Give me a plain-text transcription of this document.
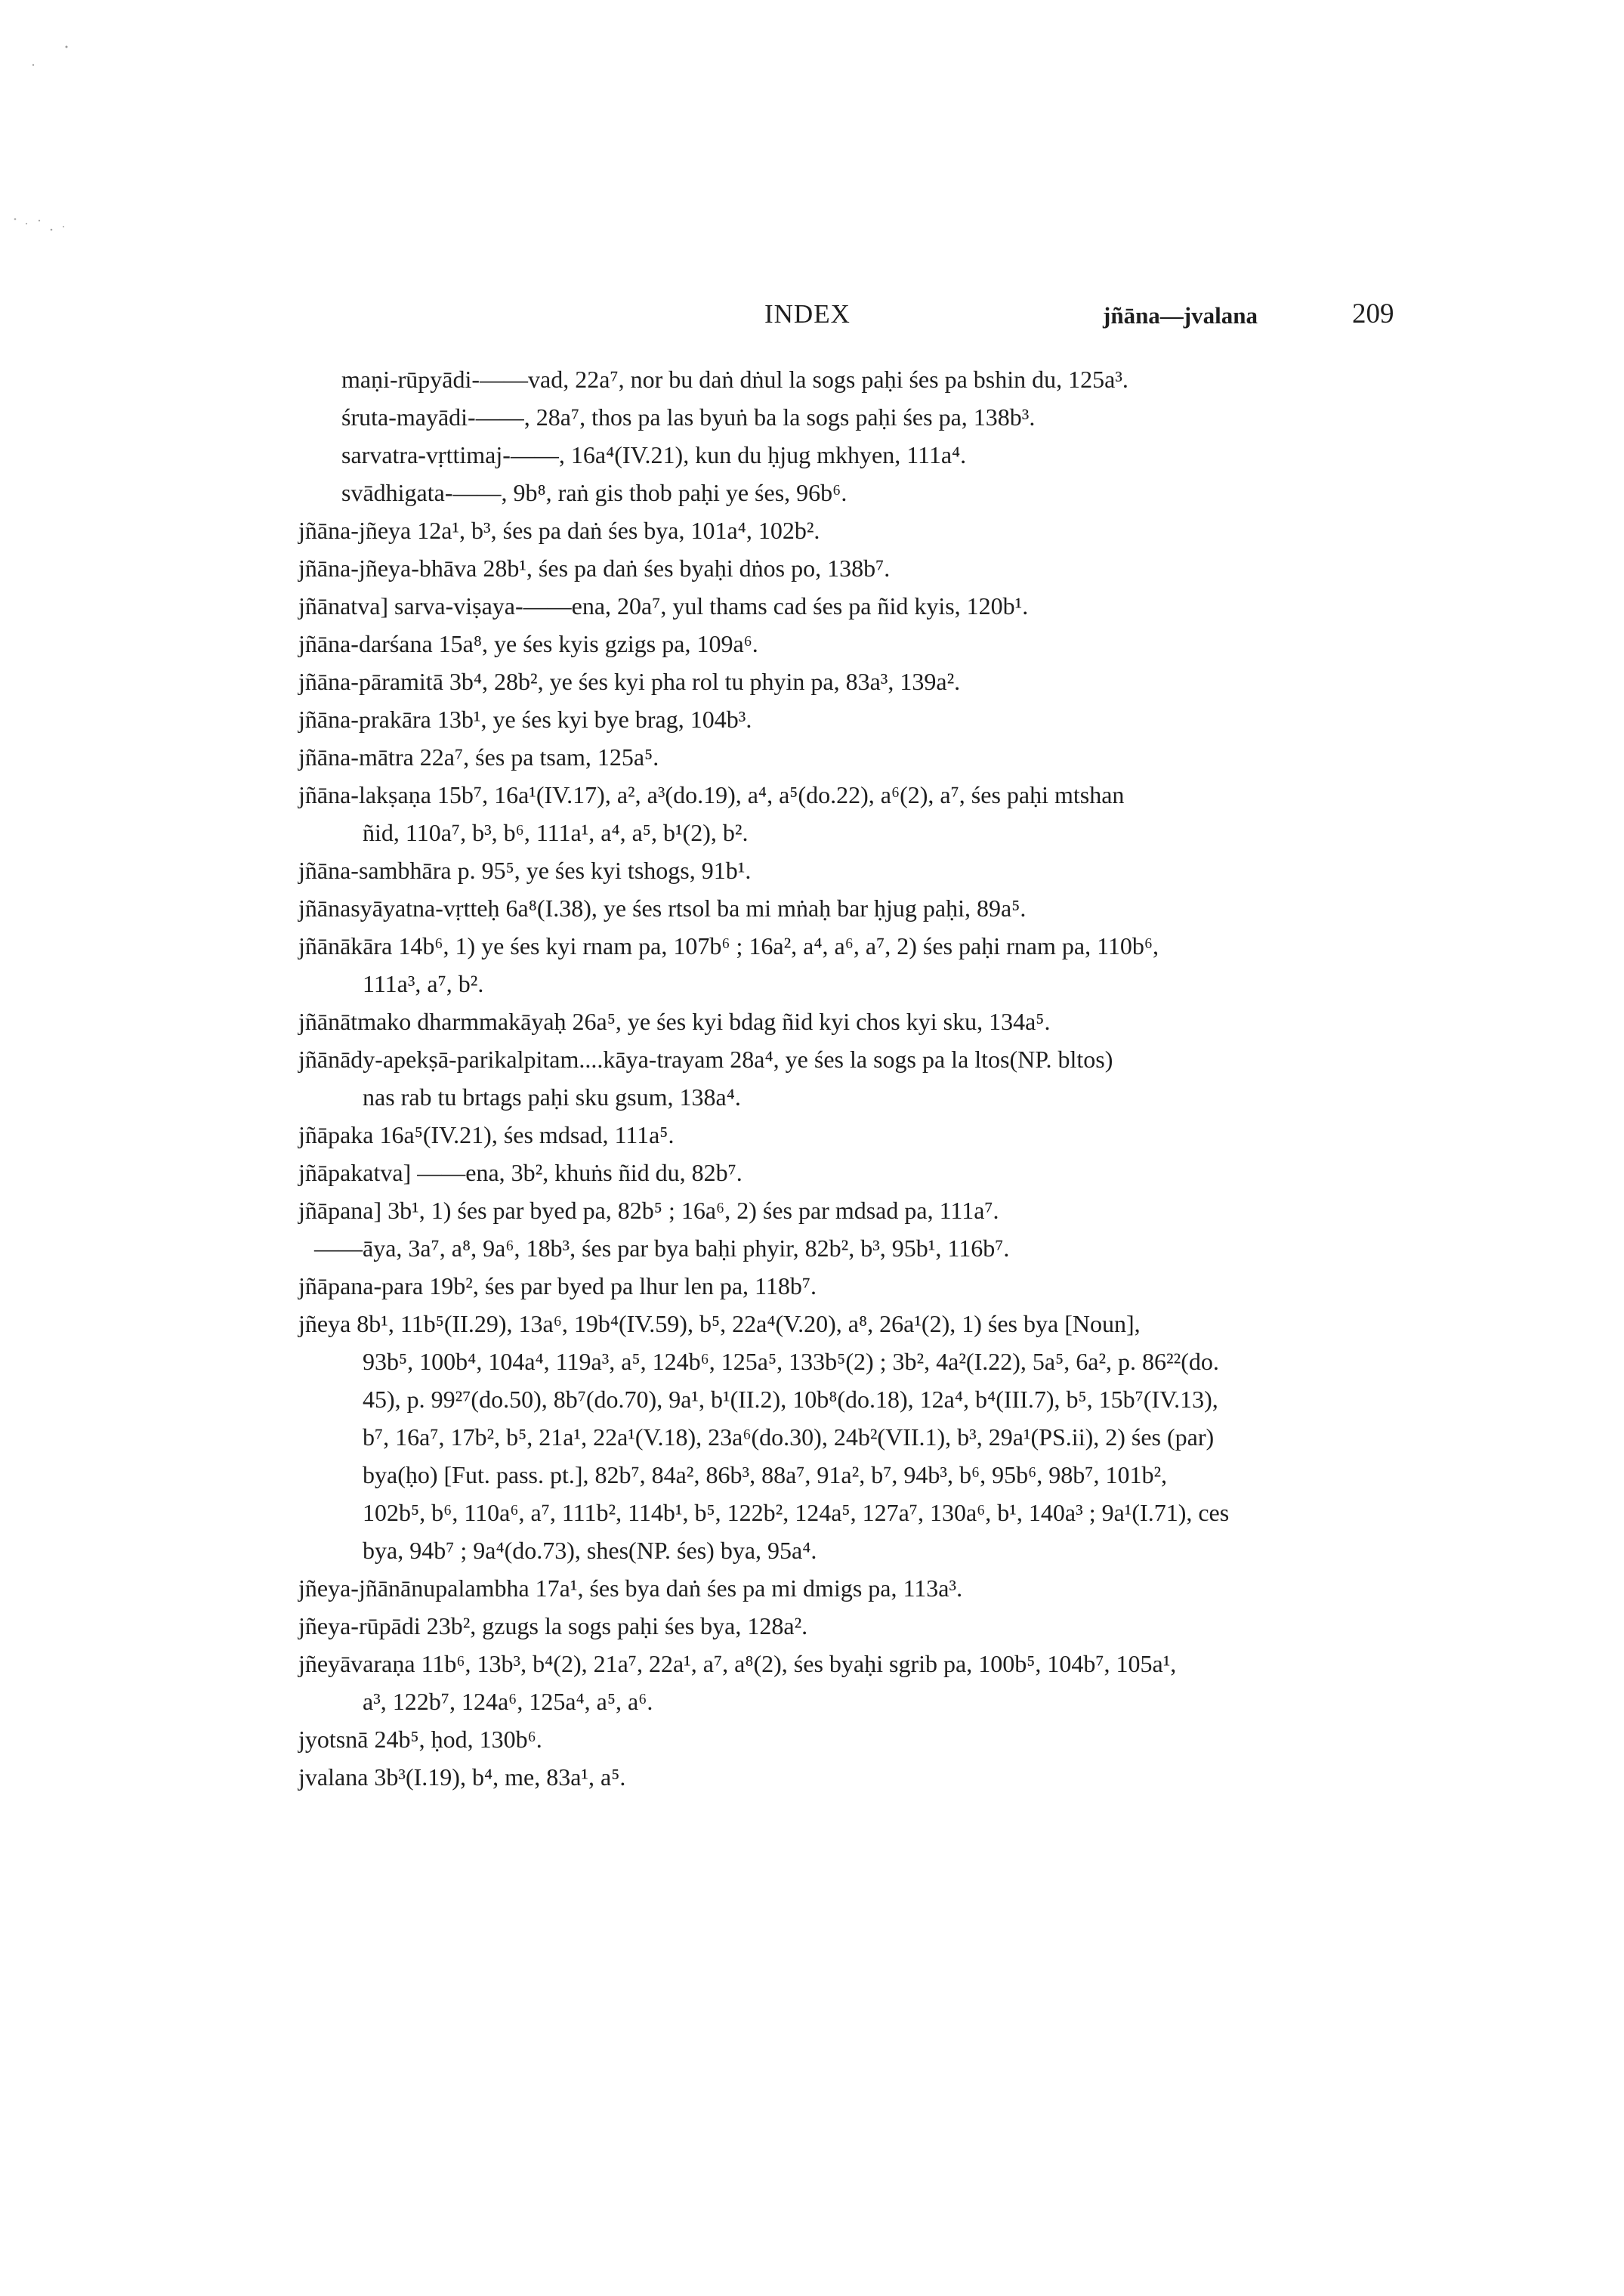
INDEX	jñāna—jvalana	209
maṇi-rūpyādi-——vad, 22a⁷, nor bu daṅ dṅul la sogs paḥi śes pa bshin du, 125a³.
śruta-mayādi-——, 28a⁷, thos pa las byuṅ ba la sogs paḥi śes pa, 138b³.
sarvatra-vṛttimaj-——, 16a⁴(IV.21), kun du ḥjug mkhyen, 111a⁴.
svādhigata-——, 9b⁸, raṅ gis thob paḥi ye śes, 96b⁶.
jñāna-jñeya 12a¹, b³, śes pa daṅ śes bya, 101a⁴, 102b².
jñāna-jñeya-bhāva 28b¹, śes pa daṅ śes byaḥi dṅos po, 138b⁷.
jñānatva] sarva-viṣaya-——ena, 20a⁷, yul thams cad śes pa ñid kyis, 120b¹.
jñāna-darśana 15a⁸, ye śes kyis gzigs pa, 109a⁶.
jñāna-pāramitā 3b⁴, 28b², ye śes kyi pha rol tu phyin pa, 83a³, 139a².
jñāna-prakāra 13b¹, ye śes kyi bye brag, 104b³.
jñāna-mātra 22a⁷, śes pa tsam, 125a⁵.
jñāna-lakṣaṇa 15b⁷, 16a¹(IV.17), a², a³(do.19), a⁴, a⁵(do.22), a⁶(2), a⁷, śes paḥi mtshan
ñid, 110a⁷, b³, b⁶, 111a¹, a⁴, a⁵, b¹(2), b².
jñāna-sambhāra p. 95⁵, ye śes kyi tshogs, 91b¹.
jñānasyāyatna-vṛtteḥ 6a⁸(I.38), ye śes rtsol ba mi mṅaḥ bar ḥjug paḥi, 89a⁵.
jñānākāra 14b⁶, 1) ye śes kyi rnam pa, 107b⁶ ; 16a², a⁴, a⁶, a⁷, 2) śes paḥi rnam pa, 110b⁶,
111a³, a⁷, b².
jñānātmako dharmmakāyaḥ 26a⁵, ye śes kyi bdag ñid kyi chos kyi sku, 134a⁵.
jñānādy-apekṣā-parikalpitam....kāya-trayam 28a⁴, ye śes la sogs pa la ltos(NP. bltos)
nas rab tu brtags paḥi sku gsum, 138a⁴.
jñāpaka 16a⁵(IV.21), śes mdsad, 111a⁵.
jñāpakatva] ——ena, 3b², khuṅs ñid du, 82b⁷.
jñāpana] 3b¹, 1) śes par byed pa, 82b⁵ ; 16a⁶, 2) śes par mdsad pa, 111a⁷.
——āya, 3a⁷, a⁸, 9a⁶, 18b³, śes par bya baḥi phyir, 82b², b³, 95b¹, 116b⁷.
jñāpana-para 19b², śes par byed pa lhur len pa, 118b⁷.
jñeya 8b¹, 11b⁵(II.29), 13a⁶, 19b⁴(IV.59), b⁵, 22a⁴(V.20), a⁸, 26a¹(2), 1) śes bya [Noun],
93b⁵, 100b⁴, 104a⁴, 119a³, a⁵, 124b⁶, 125a⁵, 133b⁵(2) ; 3b², 4a²(I.22), 5a⁵, 6a², p. 86²²(do.
45), p. 99²⁷(do.50), 8b⁷(do.70), 9a¹, b¹(II.2), 10b⁸(do.18), 12a⁴, b⁴(III.7), b⁵, 15b⁷(IV.13),
b⁷, 16a⁷, 17b², b⁵, 21a¹, 22a¹(V.18), 23a⁶(do.30), 24b²(VII.1), b³, 29a¹(PS.ii), 2) śes (par)
bya(ḥo) [Fut. pass. pt.], 82b⁷, 84a², 86b³, 88a⁷, 91a², b⁷, 94b³, b⁶, 95b⁶, 98b⁷, 101b²,
102b⁵, b⁶, 110a⁶, a⁷, 111b², 114b¹, b⁵, 122b², 124a⁵, 127a⁷, 130a⁶, b¹, 140a³ ; 9a¹(I.71), ces
bya, 94b⁷ ; 9a⁴(do.73), shes(NP. śes) bya, 95a⁴.
jñeya-jñānānupalambha 17a¹, śes bya daṅ śes pa mi dmigs pa, 113a³.
jñeya-rūpādi 23b², gzugs la sogs paḥi śes bya, 128a².
jñeyāvaraṇa 11b⁶, 13b³, b⁴(2), 21a⁷, 22a¹, a⁷, a⁸(2), śes byaḥi sgrib pa, 100b⁵, 104b⁷, 105a¹,
a³, 122b⁷, 124a⁶, 125a⁴, a⁵, a⁶.
jyotsnā 24b⁵, ḥod, 130b⁶.
jvalana 3b³(I.19), b⁴, me, 83a¹, a⁵.
